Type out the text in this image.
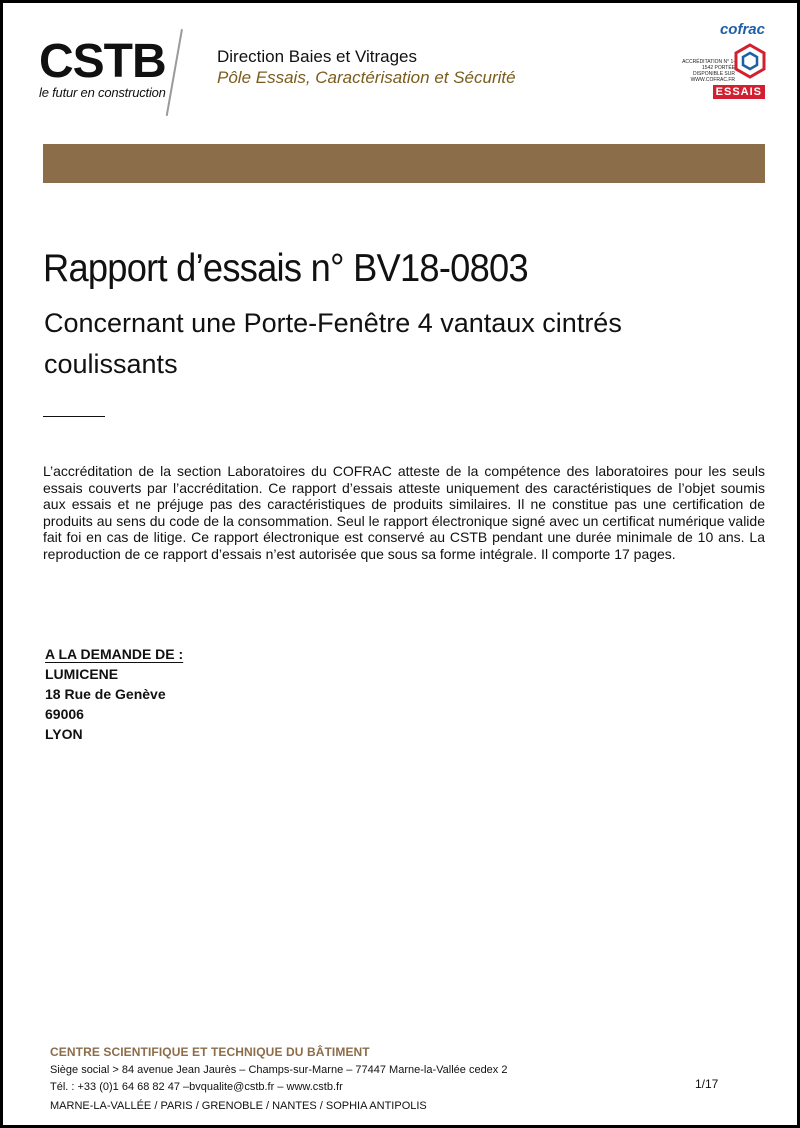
CSTB
le futur en construction
Direction Baies et Vitrages
Pôle Essais, Caractérisation et Sécurité
cofrac
ACCRÉDITATION N° 1-1542 PORTÉE DISPONIBLE SUR WWW.COFRAC.FR
ESSAIS
Rapport d’essais n° BV18-0803
Concernant une Porte-Fenêtre 4 vantaux cintrés coulissants
L’accréditation de la section Laboratoires du COFRAC atteste de la compétence des laboratoires pour les seuls essais couverts par l’accréditation. Ce rapport d’essais atteste uniquement des caractéristiques de l’objet soumis aux essais et ne préjuge pas des caractéristiques de produits similaires. Il ne constitue pas une certification de produits au sens du code de la consommation. Seul le rapport électronique signé avec un certificat numérique valide fait foi en cas de litige. Ce rapport électronique est conservé au CSTB pendant une durée minimale de 10 ans. La reproduction de ce rapport d’essais n’est autorisée que sous sa forme intégrale. Il comporte 17 pages.
A LA DEMANDE DE :
LUMICENE
18 Rue de Genève
69006
LYON
CENTRE SCIENTIFIQUE ET TECHNIQUE DU BÂTIMENT
Siège social > 84 avenue Jean Jaurès – Champs-sur-Marne – 77447 Marne-la-Vallée cedex 2
Tél. : +33 (0)1 64 68 82 47 –bvqualite@cstb.fr – www.cstb.fr
MARNE-LA-VALLÉE / PARIS / GRENOBLE / NANTES / SOPHIA ANTIPOLIS
1/17
